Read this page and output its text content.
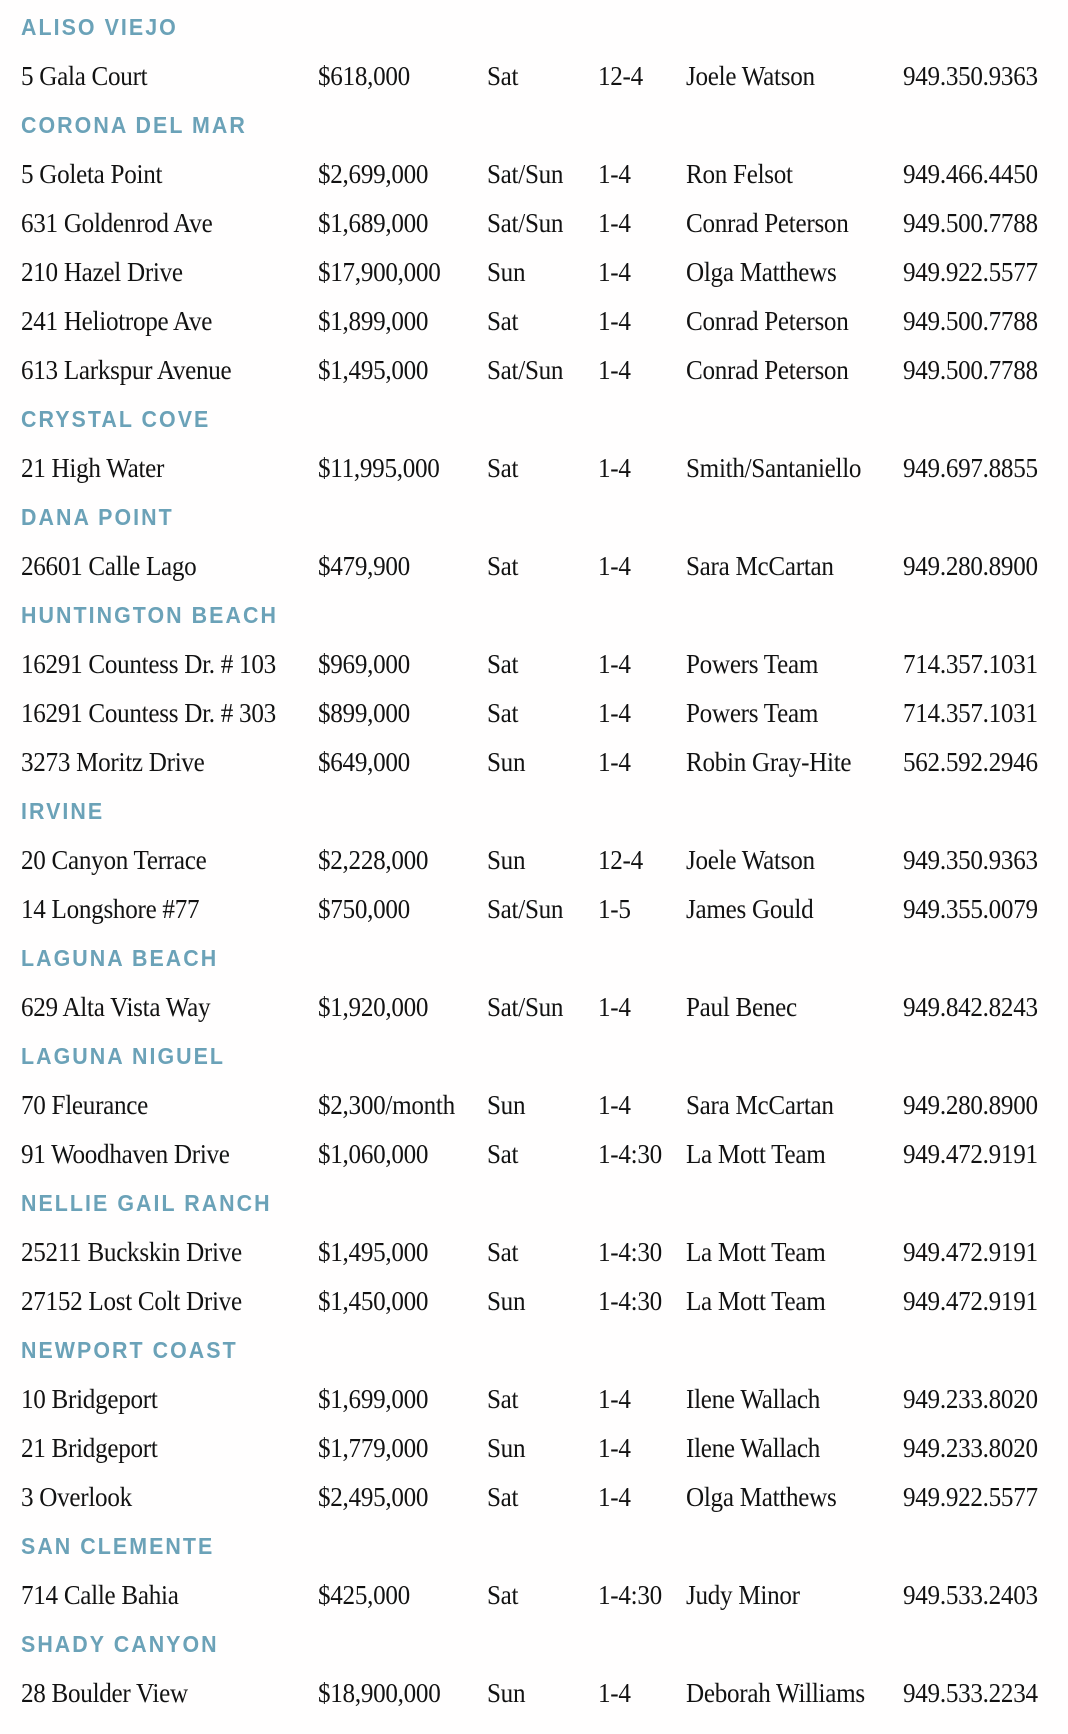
ALISO VIEJO
5 Gala Court	$618,000	Sat	12-4 Joele Watson	949.350.9363
CORONA DEL MAR
5 Goleta Point	$2,699,000 Sat/Sun 1-4 Ron Felsot	949.466.4450
631 Goldenrod Ave	$1,689,000 Sat/Sun 1-4 Conrad Peterson 949.500.7788
210 Hazel Drive	$17,900,000 Sun	1-4 Olga Matthews 949.922.5577
241 Heliotrope Ave	$1,899,000 Sat	1-4 Conrad Peterson 949.500.7788
613 Larkspur Avenue	$1,495,000 Sat/Sun 1-4 Conrad Peterson 949.500.7788
CRYSTAL COVE
21 High Water	$11,995,000 Sat	1-4 Smith/Santaniello 949.697.8855
DANA POINT
26601 Calle Lago	$479,900	Sat	1-4 Sara McCartan	949.280.8900
HUNTINGTON BEACH
16291 Countess Dr. # 103 $969,000	Sat	1-4 Powers Team	714.357.1031
16291 Countess Dr. # 303 $899,000	Sat	1-4 Powers Team	714.357.1031
3273 Moritz Drive	$649,000	Sun	1-4 Robin Gray-Hite 562.592.2946
IRVINE
20 Canyon Terrace	$2,228,000 Sun	12-4 Joele Watson	949.350.9363
14 Longshore #77	$750,000	Sat/Sun 1-5 James Gould	949.355.0079
LAGUNA BEACH
629 Alta Vista Way	$1,920,000 Sat/Sun 1-4 Paul Benec	949.842.8243
LAGUNA NIGUEL
70 Fleurance	$2,300/month Sun	1-4 Sara McCartan	949.280.8900
91 Woodhaven Drive	$1,060,000 Sat	1-4:30 La Mott Team	949.472.9191
NELLIE GAIL RANCH
25211 Buckskin Drive	$1,495,000 Sat	1-4:30 La Mott Team	949.472.9191
27152 Lost Colt Drive	$1,450,000 Sun	1-4:30 La Mott Team	949.472.9191
NEWPORT COAST
10 Bridgeport	$1,699,000 Sat	1-4 Ilene Wallach	949.233.8020
21 Bridgeport	$1,779,000 Sun	1-4 Ilene Wallach	949.233.8020
3 Overlook	$2,495,000 Sat	1-4 Olga Matthews 949.922.5577
SAN CLEMENTE
714 Calle Bahia	$425,000	Sat	1-4:30 Judy Minor	949.533.2403
SHADY CANYON
28 Boulder View	$18,900,000 Sun	1-4 Deborah Williams 949.533.2234
